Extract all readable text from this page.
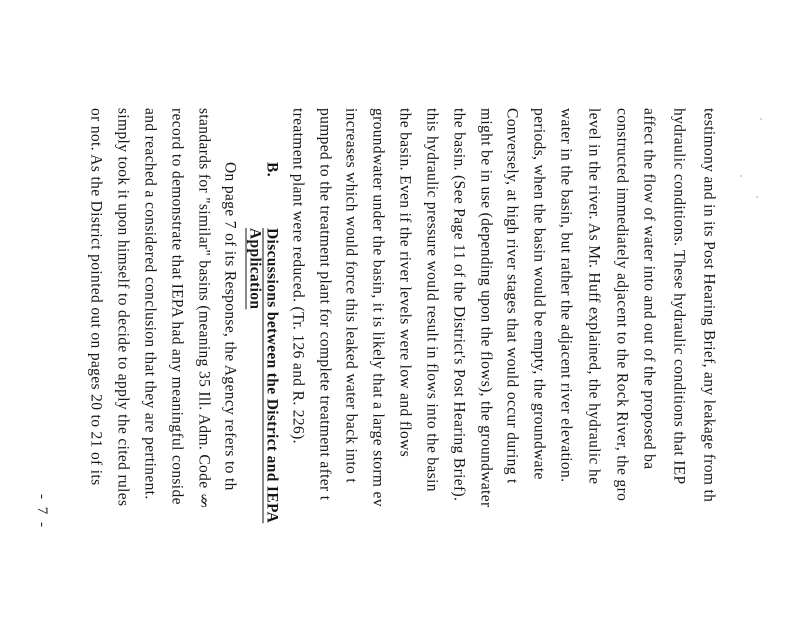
testimony and in its Post Hearing Brief, any leakage from th
hydraulic conditions. These hydraulic conditions that IEP
affect the flow of water into and out of the proposed ba
constructed immediately adjacent to the Rock River, the gro
level in the river. As Mr. Huff explained, the hydraulic he
water in the basin, but rather the adjacent river elevation.
periods, when the basin would be empty, the groundwate
Conversely, at high river stages that would occur during t
might be in use (depending upon the flows), the groundwater
the basin. (See Page 11 of the District's Post Hearing Brief).
this hydraulic pressure would result in flows into the basin
the basin. Even if the river levels were low and flows
groundwater under the basin, it is likely that a large storm ev
increases which would force this leaked water back into t
pumped to the treatment plant for complete treatment after t
treatment plant were reduced. (Tr. 126 and R. 226).
B.
Discussions between the District and IEPA
Application
On page 7 of its Response, the Agency refers to th
standards for "similar" basins (meaning 35 Ill. Adm. Code §
record to demonstrate that IEPA had any meaningful conside
and reached a considered conclusion that they are pertinent.
simply took it upon himself to decide to apply the cited rules
or not. As the District pointed out on pages 20 to 21 of its
- 7 -
